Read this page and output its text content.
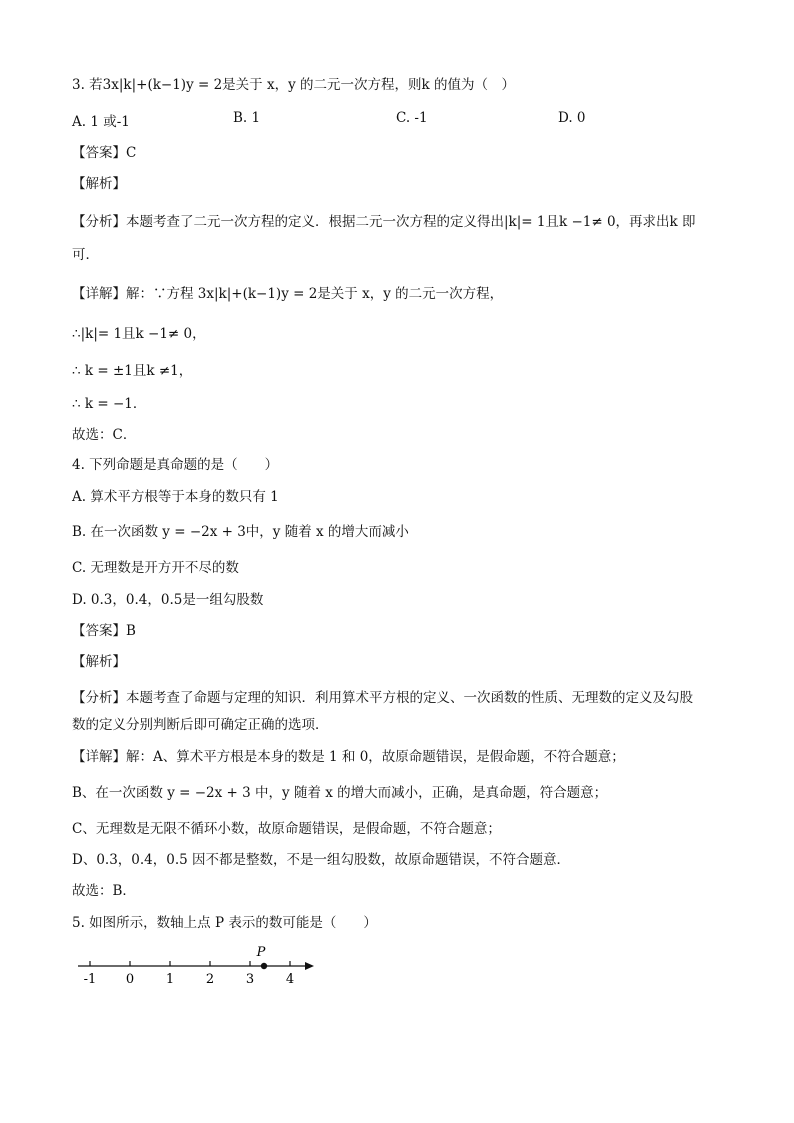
3. 若3x|k|+(k−1)y = 2是关于 x，y 的二元一次方程，则k 的值为（　）
A. 1 或-1	B. 1	C. -1	D. 0
【答案】C
【解析】
【分析】本题考查了二元一次方程的定义．根据二元一次方程的定义得出|k|= 1且k −1≠ 0，再求出k 即
可．
【详解】解：∵方程 3x|k|+(k−1)y = 2是关于 x，y 的二元一次方程，
∴|k|= 1且k −1≠ 0，
∴ k = ±1且k ≠1，
∴ k = −1．
故选：C．
4. 下列命题是真命题的是（　　）
A. 算术平方根等于本身的数只有 1
B. 在一次函数 y = −2x + 3中，y 随着 x 的增大而减小
C. 无理数是开方开不尽的数
D. 0.3，0.4，0.5是一组勾股数
【答案】B
【解析】
【分析】本题考查了命题与定理的知识．利用算术平方根的定义、一次函数的性质、无理数的定义及勾股
数的定义分别判断后即可确定正确的选项．
【详解】解：A、算术平方根是本身的数是 1 和 0，故原命题错误，是假命题，不符合题意；
B、在一次函数 y = −2x + 3 中，y 随着 x 的增大而减小，正确，是真命题，符合题意；
C、无理数是无限不循环小数，故原命题错误，是假命题，不符合题意；
D、0.3，0.4，0.5 因不都是整数，不是一组勾股数，故原命题错误，不符合题意．
故选：B．
5. 如图所示，数轴上点 P 表示的数可能是（　　）
-1 0 1 2 3 4
P
